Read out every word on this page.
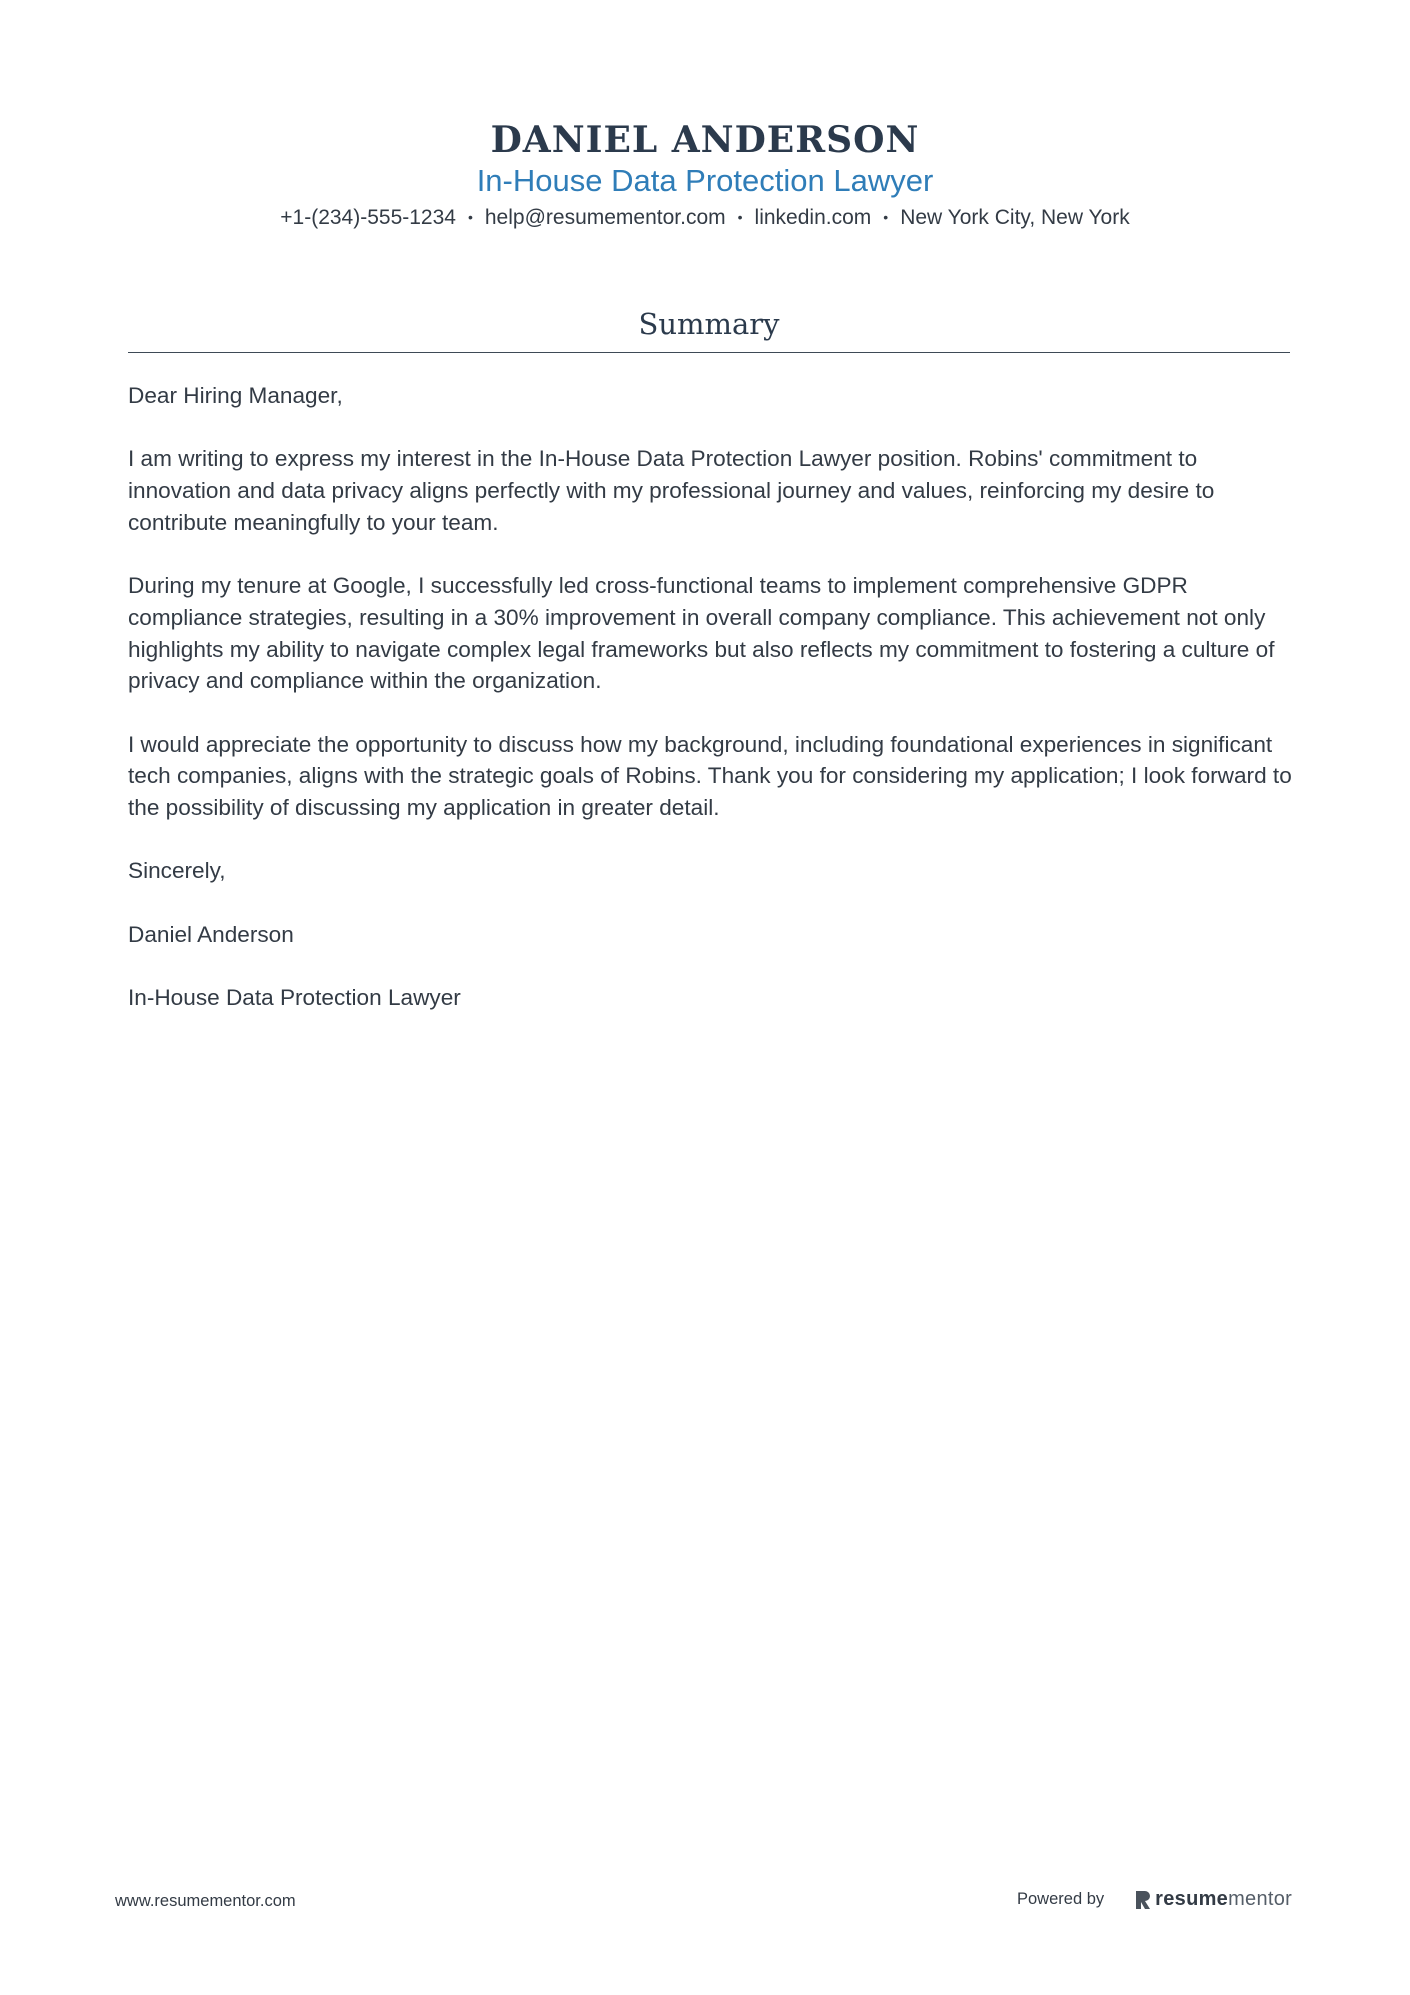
DANIEL ANDERSON
In-House Data Protection Lawyer
+1-(234)-555-1234 • help@resumementor.com • linkedin.com • New York City, New York
Summary

Dear Hiring Manager,

I am writing to express my interest in the In-House Data Protection Lawyer position. Robins' commitment to innovation and data privacy aligns perfectly with my professional journey and values, reinforcing my desire to contribute meaningfully to your team.

During my tenure at Google, I successfully led cross-functional teams to implement comprehensive GDPR compliance strategies, resulting in a 30% improvement in overall company compliance. This achievement not only highlights my ability to navigate complex legal frameworks but also reflects my commitment to fostering a culture of privacy and compliance within the organization.

I would appreciate the opportunity to discuss how my background, including foundational experiences in significant tech companies, aligns with the strategic goals of Robins. Thank you for considering my application; I look forward to the possibility of discussing my application in greater detail.

Sincerely,

Daniel Anderson

In-House Data Protection Lawyer

www.resumementor.com	Powered by	resume mentor
